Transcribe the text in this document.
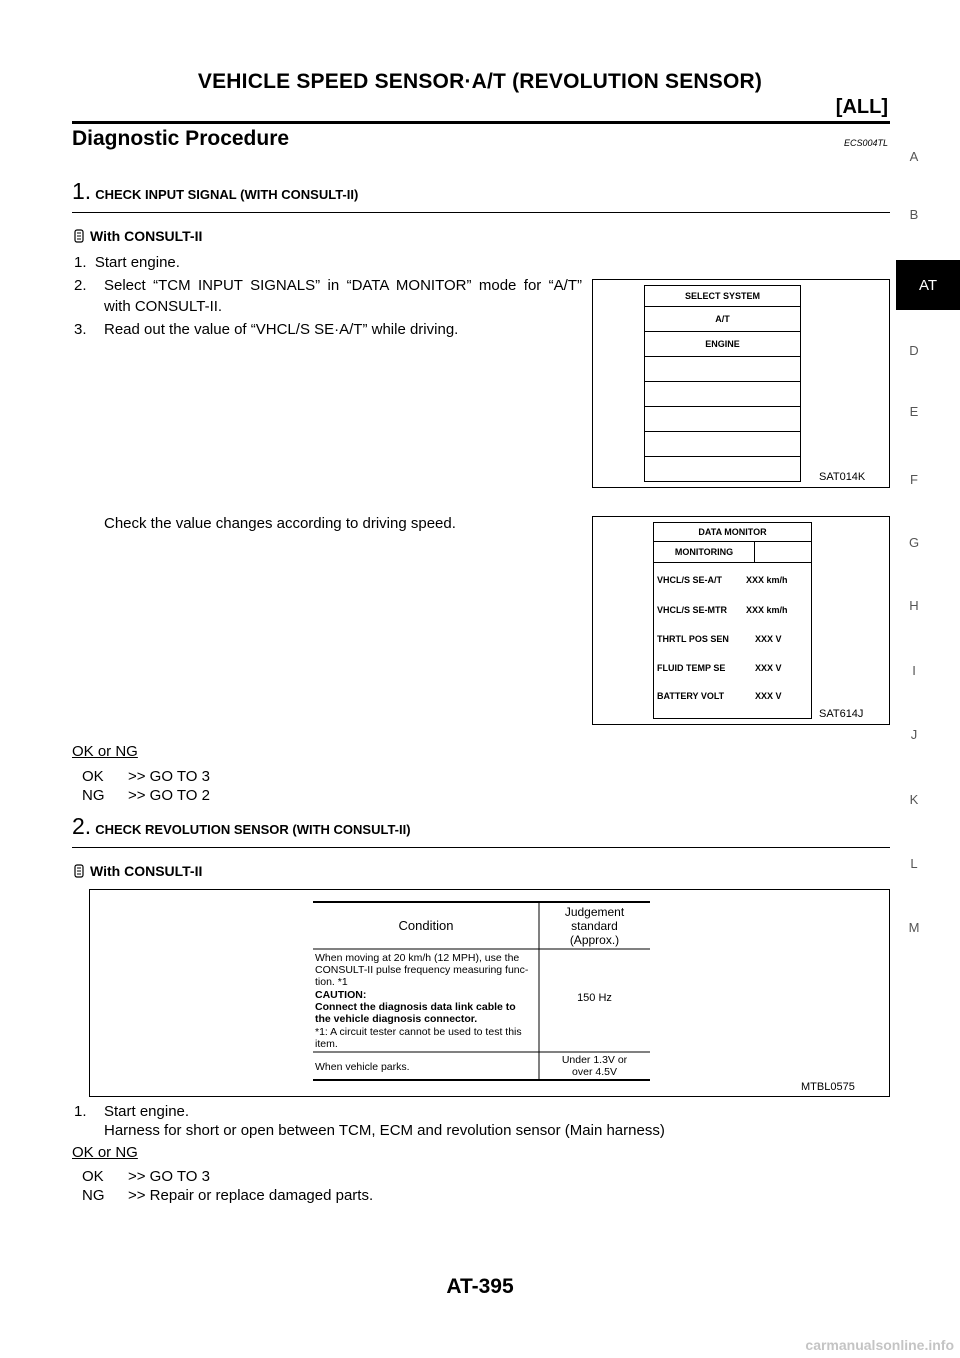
VEHICLE SPEED SENSOR·A/T (REVOLUTION SENSOR)
[ALL]
Diagnostic Procedure	ECS004TL
A
B
AT
D
E
F
G
H
I
J
K
L
M
1. CHECK INPUT SIGNAL (WITH CONSULT-II)
With CONSULT-II
1. Start engine.
2. Select “TCM INPUT SIGNALS” in “DATA MONITOR” mode for “A/T” with CONSULT-II.
3. Read out the value of “VHCL/S SE·A/T” while driving.
SELECT SYSTEM
A/T
ENGINE
SAT014K
Check the value changes according to driving speed.	DATA MONITOR
MONITORING
VHCL/S SE-A/T	XXX km/h
VHCL/S SE-MTR XXX km/h
THRTL POS SEN	XXX V
FLUID TEMP SE	XXX V
BATTERY VOLT	XXX V
SAT614J
OK or NG
OK >> GO TO 3
NG >> GO TO 2
2. CHECK REVOLUTION SENSOR (WITH CONSULT-II)
With CONSULT-II
Condition
Judgement
standard
(Approx.)
When moving at 20 km/h (12 MPH), use the
CONSULT-II pulse frequency measuring func-
tion. *1
CAUTION:
Connect the diagnosis data link cable to
the vehicle diagnosis connector.
*1: A circuit tester cannot be used to test this
item.
150 Hz
When vehicle parks.
Under 1.3V or
over 4.5V
MTBL0575
1. Start engine.
Harness for short or open between TCM, ECM and revolution sensor (Main harness)
OK or NG
OK >> GO TO 3
NG >> Repair or replace damaged parts.
AT-395
carmanualsonline.info
